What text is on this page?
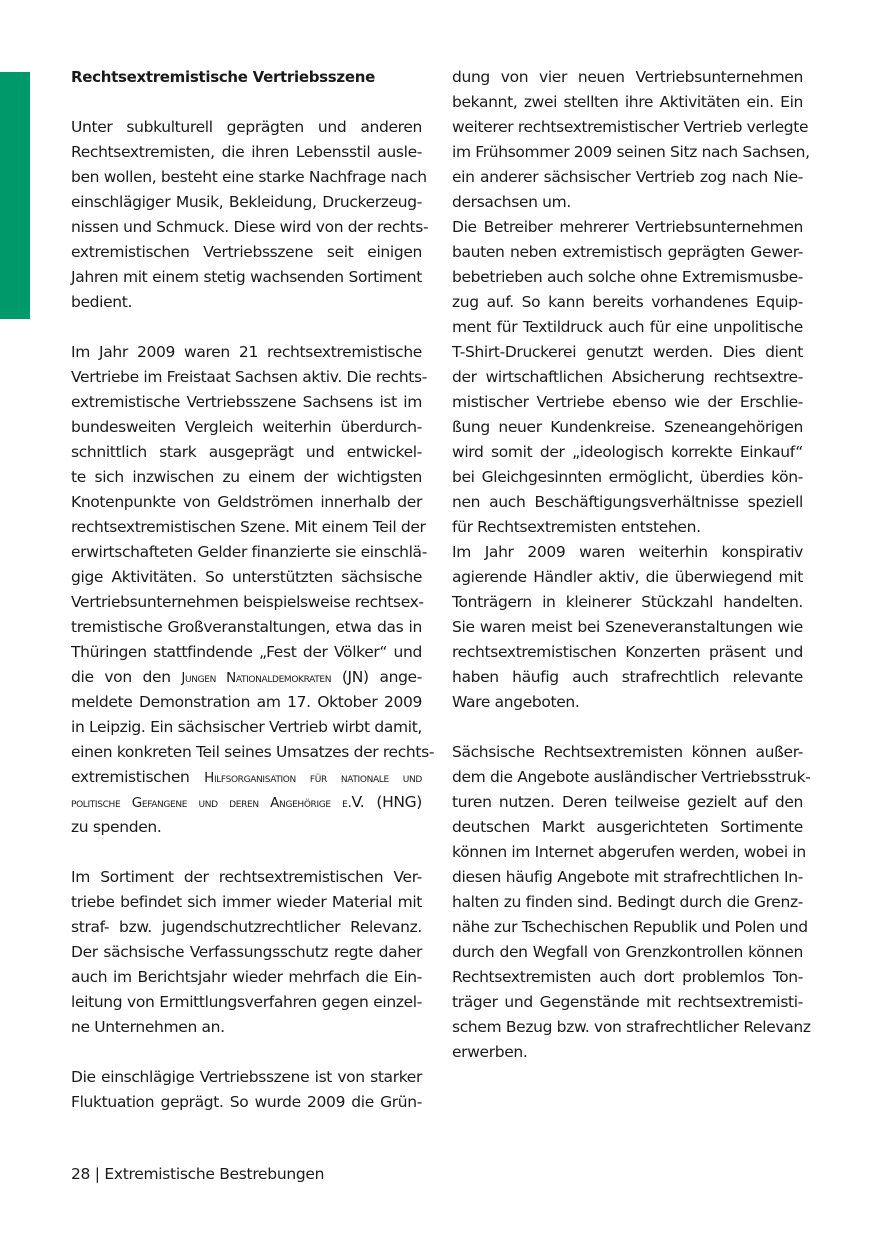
Rechtsextremistische Vertriebsszene
Unter subkulturell geprägten und anderen
Rechtsextremisten, die ihren Lebensstil ausle-
ben wollen, besteht eine starke Nachfrage nach
einschlägiger Musik, Bekleidung, Druckerzeug-
nissen und Schmuck. Diese wird von der rechts-
extremistischen Vertriebsszene seit einigen
Jahren mit einem stetig wachsenden Sortiment
bedient.
Im Jahr 2009 waren 21 rechtsextremistische
Vertriebe im Freistaat Sachsen aktiv. Die rechts-
extremistische Vertriebsszene Sachsens ist im
bundesweiten Vergleich weiterhin überdurch-
schnittlich stark ausgeprägt und entwickel-
te sich inzwischen zu einem der wichtigsten
Knotenpunkte von Geldströmen innerhalb der
rechtsextremistischen Szene. Mit einem Teil der
erwirtschafteten Gelder finanzierte sie einschlä-
gige Aktivitäten. So unterstützten sächsische
Vertriebsunternehmen beispielsweise rechtsex-
tremistische Großveranstaltungen, etwa das in
Thüringen stattfindende „Fest der Völker“ und
die von den Jungen Nationaldemokraten (JN) ange-
meldete Demonstration am 17. Oktober 2009
in Leipzig. Ein sächsischer Vertrieb wirbt damit,
einen konkreten Teil seines Umsatzes der rechts-
extremistischen Hilfsorganisation für nationale und
politische Gefangene und deren Angehörige e.V. (HNG)
zu spenden.
Im Sortiment der rechtsextremistischen Ver-
triebe befindet sich immer wieder Material mit
straf- bzw. jugendschutzrechtlicher Relevanz.
Der sächsische Verfassungsschutz regte daher
auch im Berichtsjahr wieder mehrfach die Ein-
leitung von Ermittlungsverfahren gegen einzel-
ne Unternehmen an.
Die einschlägige Vertriebsszene ist von starker
Fluktuation geprägt. So wurde 2009 die Grün-
dung von vier neuen Vertriebsunternehmen
bekannt, zwei stellten ihre Aktivitäten ein. Ein
weiterer rechtsextremistischer Vertrieb verlegte
im Frühsommer 2009 seinen Sitz nach Sachsen,
ein anderer sächsischer Vertrieb zog nach Nie-
dersachsen um.
Die Betreiber mehrerer Vertriebsunternehmen
bauten neben extremistisch geprägten Gewer-
bebetrieben auch solche ohne Extremismusbe-
zug auf. So kann bereits vorhandenes Equip-
ment für Textildruck auch für eine unpolitische
T-Shirt-Druckerei genutzt werden. Dies dient
der wirtschaftlichen Absicherung rechtsextre-
mistischer Vertriebe ebenso wie der Erschlie-
ßung neuer Kundenkreise. Szeneangehörigen
wird somit der „ideologisch korrekte Einkauf“
bei Gleichgesinnten ermöglicht, überdies kön-
nen auch Beschäftigungsverhältnisse speziell
für Rechtsextremisten entstehen.
Im Jahr 2009 waren weiterhin konspirativ
agierende Händler aktiv, die überwiegend mit
Tonträgern in kleinerer Stückzahl handelten.
Sie waren meist bei Szeneveranstaltungen wie
rechtsextremistischen Konzerten präsent und
haben häufig auch strafrechtlich relevante
Ware angeboten.
Sächsische Rechtsextremisten können außer-
dem die Angebote ausländischer Vertriebsstruk-
turen nutzen. Deren teilweise gezielt auf den
deutschen Markt ausgerichteten Sortimente
können im Internet abgerufen werden, wobei in
diesen häufig Angebote mit strafrechtlichen In-
halten zu finden sind. Bedingt durch die Grenz-
nähe zur Tschechischen Republik und Polen und
durch den Wegfall von Grenzkontrollen können
Rechtsextremisten auch dort problemlos Ton-
träger und Gegenstände mit rechtsextremisti-
schem Bezug bzw. von strafrechtlicher Relevanz
erwerben.
28 | Extremistische Bestrebungen
